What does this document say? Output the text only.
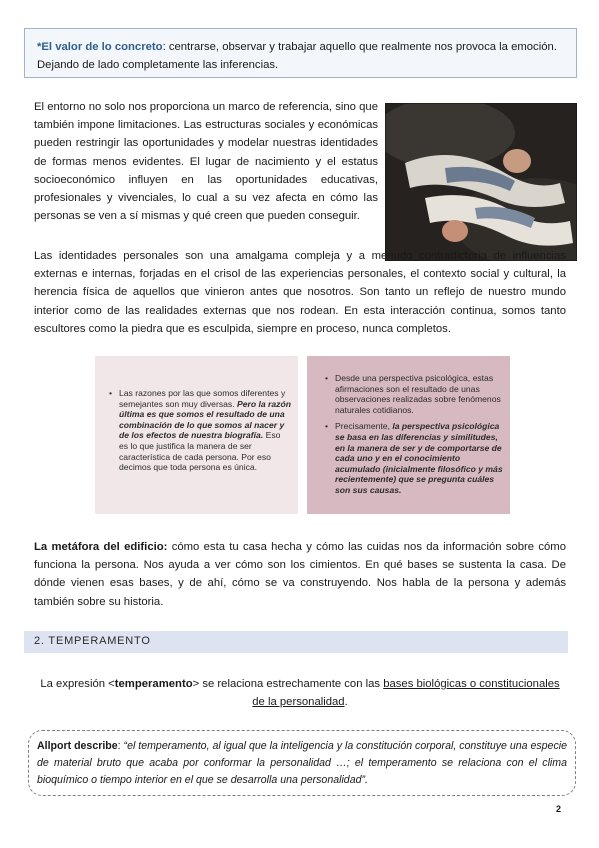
*El valor de lo concreto: centrarse, observar y trabajar aquello que realmente nos provoca la emoción. Dejando de lado completamente las inferencias.
El entorno no solo nos proporciona un marco de referencia, sino que también impone limitaciones. Las estructuras sociales y económicas pueden restringir las oportunidades y modelar nuestras identidades de formas menos evidentes. El lugar de nacimiento y el estatus socioeconómico influyen en las oportunidades educativas, profesionales y vivenciales, lo cual a su vez afecta en cómo las personas se ven a sí mismas y qué creen que pueden conseguir.
Las identidades personales son una amalgama compleja y a menudo contradictoria de influencias externas e internas, forjadas en el crisol de las experiencias personales, el contexto social y cultural, la herencia física de aquellos que vinieron antes que nosotros. Son tanto un reflejo de nuestro mundo interior como de las realidades externas que nos rodean. En esta interacción continua, somos tanto escultores como la piedra que es esculpida, siempre en proceso, nunca completos.
• Las razones por las que somos diferentes y semejantes son muy diversas. Pero la razón última es que somos el resultado de una combinación de lo que somos al nacer y de los efectos de nuestra biografía. Eso es lo que justifica la manera de ser característica de cada persona. Por eso decimos que toda persona es única.
• Desde una perspectiva psicológica, estas afirmaciones son el resultado de unas observaciones realizadas sobre fenómenos naturales cotidianos.
• Precisamente, la perspectiva psicológica se basa en las diferencias y similitudes, en la manera de ser y de comportarse de cada uno y en el conocimiento acumulado (inicialmente filosófico y más recientemente) que se pregunta cuáles son sus causas.
La metáfora del edificio: cómo esta tu casa hecha y cómo las cuidas nos da información sobre cómo funciona la persona. Nos ayuda a ver cómo son los cimientos. En qué bases se sustenta la casa. De dónde vienen esas bases, y de ahí, cómo se va construyendo. Nos habla de la persona y además también sobre su historia.
2. TEMPERAMENTO
La expresión <temperamento> se relaciona estrechamente con las bases biológicas o constitucionales de la personalidad.
Allport describe: “el temperamento, al igual que la inteligencia y la constitución corporal, constituye una especie de material bruto que acaba por conformar la personalidad …; el temperamento se relaciona con el clima bioquímico o tiempo interior en el que se desarrolla una personalidad”.
2
